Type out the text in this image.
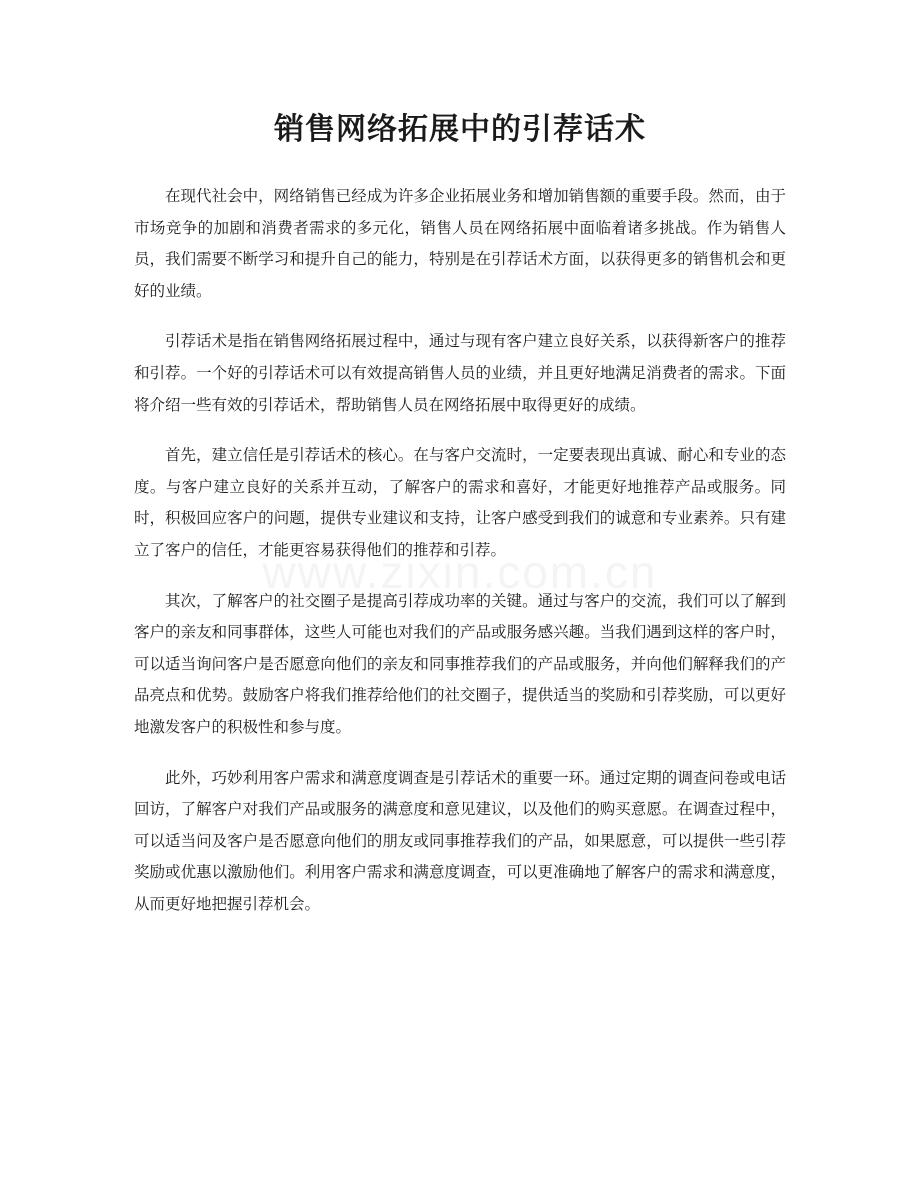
销售网络拓展中的引荐话术

在现代社会中，网络销售已经成为许多企业拓展业务和增加销售额的重要手段。然而，由于市场竞争的加剧和消费者需求的多元化，销售人员在网络拓展中面临着诸多挑战。作为销售人员，我们需要不断学习和提升自己的能力，特别是在引荐话术方面，以获得更多的销售机会和更好的业绩。

引荐话术是指在销售网络拓展过程中，通过与现有客户建立良好关系，以获得新客户的推荐和引荐。一个好的引荐话术可以有效提高销售人员的业绩，并且更好地满足消费者的需求。下面将介绍一些有效的引荐话术，帮助销售人员在网络拓展中取得更好的成绩。

首先，建立信任是引荐话术的核心。在与客户交流时，一定要表现出真诚、耐心和专业的态度。与客户建立良好的关系并互动，了解客户的需求和喜好，才能更好地推荐产品或服务。同时，积极回应客户的问题，提供专业建议和支持，让客户感受到我们的诚意和专业素养。只有建立了客户的信任，才能更容易获得他们的推荐和引荐。

其次，了解客户的社交圈子是提高引荐成功率的关键。通过与客户的交流，我们可以了解到客户的亲友和同事群体，这些人可能也对我们的产品或服务感兴趣。当我们遇到这样的客户时，可以适当询问客户是否愿意向他们的亲友和同事推荐我们的产品或服务，并向他们解释我们的产品亮点和优势。鼓励客户将我们推荐给他们的社交圈子，提供适当的奖励和引荐奖励，可以更好地激发客户的积极性和参与度。

此外，巧妙利用客户需求和满意度调查是引荐话术的重要一环。通过定期的调查问卷或电话回访，了解客户对我们产品或服务的满意度和意见建议，以及他们的购买意愿。在调查过程中，可以适当问及客户是否愿意向他们的朋友或同事推荐我们的产品，如果愿意，可以提供一些引荐奖励或优惠以激励他们。利用客户需求和满意度调查，可以更准确地了解客户的需求和满意度，从而更好地把握引荐机会。
